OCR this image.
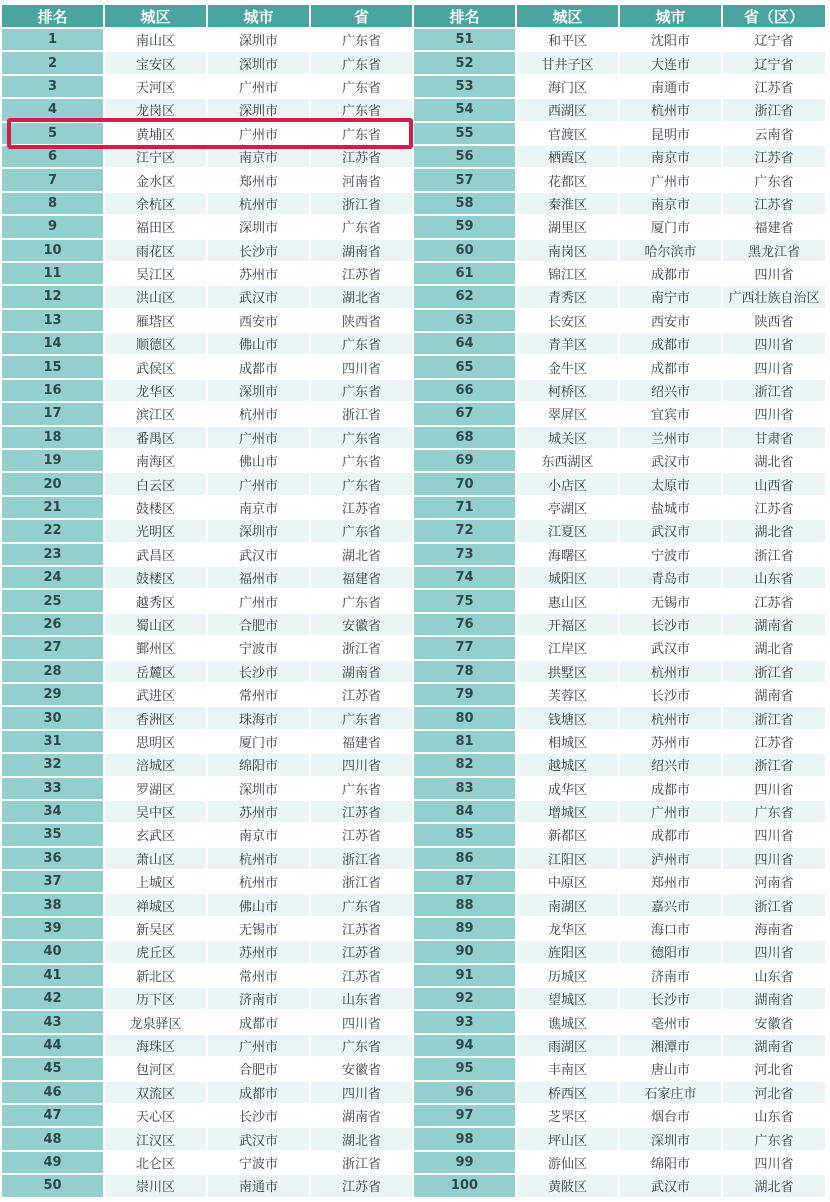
排名	城区	城市	省
1	南山区	深圳市	广东省
2	宝安区	深圳市	广东省
3	天河区	广州市	广东省
4	龙岗区	深圳市	广东省
5	黄埔区	广州市	广东省
6	江宁区	南京市	江苏省
7	金水区	郑州市	河南省
8	余杭区	杭州市	浙江省
9	福田区	深圳市	广东省
10	雨花区	长沙市	湖南省
11	吴江区	苏州市	江苏省
12	洪山区	武汉市	湖北省
13	雁塔区	西安市	陕西省
14	顺德区	佛山市	广东省
15	武侯区	成都市	四川省
16	龙华区	深圳市	广东省
17	滨江区	杭州市	浙江省
18	番禺区	广州市	广东省
19	南海区	佛山市	广东省
20	白云区	广州市	广东省
21	鼓楼区	南京市	江苏省
22	光明区	深圳市	广东省
23	武昌区	武汉市	湖北省
24	鼓楼区	福州市	福建省
25	越秀区	广州市	广东省
26	蜀山区	合肥市	安徽省
27	鄞州区	宁波市	浙江省
28	岳麓区	长沙市	湖南省
29	武进区	常州市	江苏省
30	香洲区	珠海市	广东省
31	思明区	厦门市	福建省
32	涪城区	绵阳市	四川省
33	罗湖区	深圳市	广东省
34	吴中区	苏州市	江苏省
35	玄武区	南京市	江苏省
36	萧山区	杭州市	浙江省
37	上城区	杭州市	浙江省
38	禅城区	佛山市	广东省
39	新吴区	无锡市	江苏省
40	虎丘区	苏州市	江苏省
41	新北区	常州市	江苏省
42	历下区	济南市	山东省
43	龙泉驿区	成都市	四川省
44	海珠区	广州市	广东省
45	包河区	合肥市	安徽省
46	双流区	成都市	四川省
47	天心区	长沙市	湖南省
48	江汉区	武汉市	湖北省
49	北仑区	宁波市	浙江省
50	崇川区	南通市	江苏省
排名	城区	城市	省（区）
51	和平区	沈阳市	辽宁省
52	甘井子区	大连市	辽宁省
53	海门区	南通市	江苏省
54	西湖区	杭州市	浙江省
55	官渡区	昆明市	云南省
56	栖霞区	南京市	江苏省
57	花都区	广州市	广东省
58	秦淮区	南京市	江苏省
59	湖里区	厦门市	福建省
60	南岗区	哈尔滨市	黑龙江省
61	锦江区	成都市	四川省
62	青秀区	南宁市	广西壮族自治区
63	长安区	西安市	陕西省
64	青羊区	成都市	四川省
65	金牛区	成都市	四川省
66	柯桥区	绍兴市	浙江省
67	翠屏区	宜宾市	四川省
68	城关区	兰州市	甘肃省
69	东西湖区	武汉市	湖北省
70	小店区	太原市	山西省
71	亭湖区	盐城市	江苏省
72	江夏区	武汉市	湖北省
73	海曙区	宁波市	浙江省
74	城阳区	青岛市	山东省
75	惠山区	无锡市	江苏省
76	开福区	长沙市	湖南省
77	江岸区	武汉市	湖北省
78	拱墅区	杭州市	浙江省
79	芙蓉区	长沙市	湖南省
80	钱塘区	杭州市	浙江省
81	相城区	苏州市	江苏省
82	越城区	绍兴市	浙江省
83	成华区	成都市	四川省
84	增城区	广州市	广东省
85	新都区	成都市	四川省
86	江阳区	泸州市	四川省
87	中原区	郑州市	河南省
88	南湖区	嘉兴市	浙江省
89	龙华区	海口市	海南省
90	旌阳区	德阳市	四川省
91	历城区	济南市	山东省
92	望城区	长沙市	湖南省
93	谯城区	亳州市	安徽省
94	雨湖区	湘潭市	湖南省
95	丰南区	唐山市	河北省
96	桥西区	石家庄市	河北省
97	芝罘区	烟台市	山东省
98	坪山区	深圳市	广东省
99	游仙区	绵阳市	四川省
100	黄陂区	武汉市	湖北省
